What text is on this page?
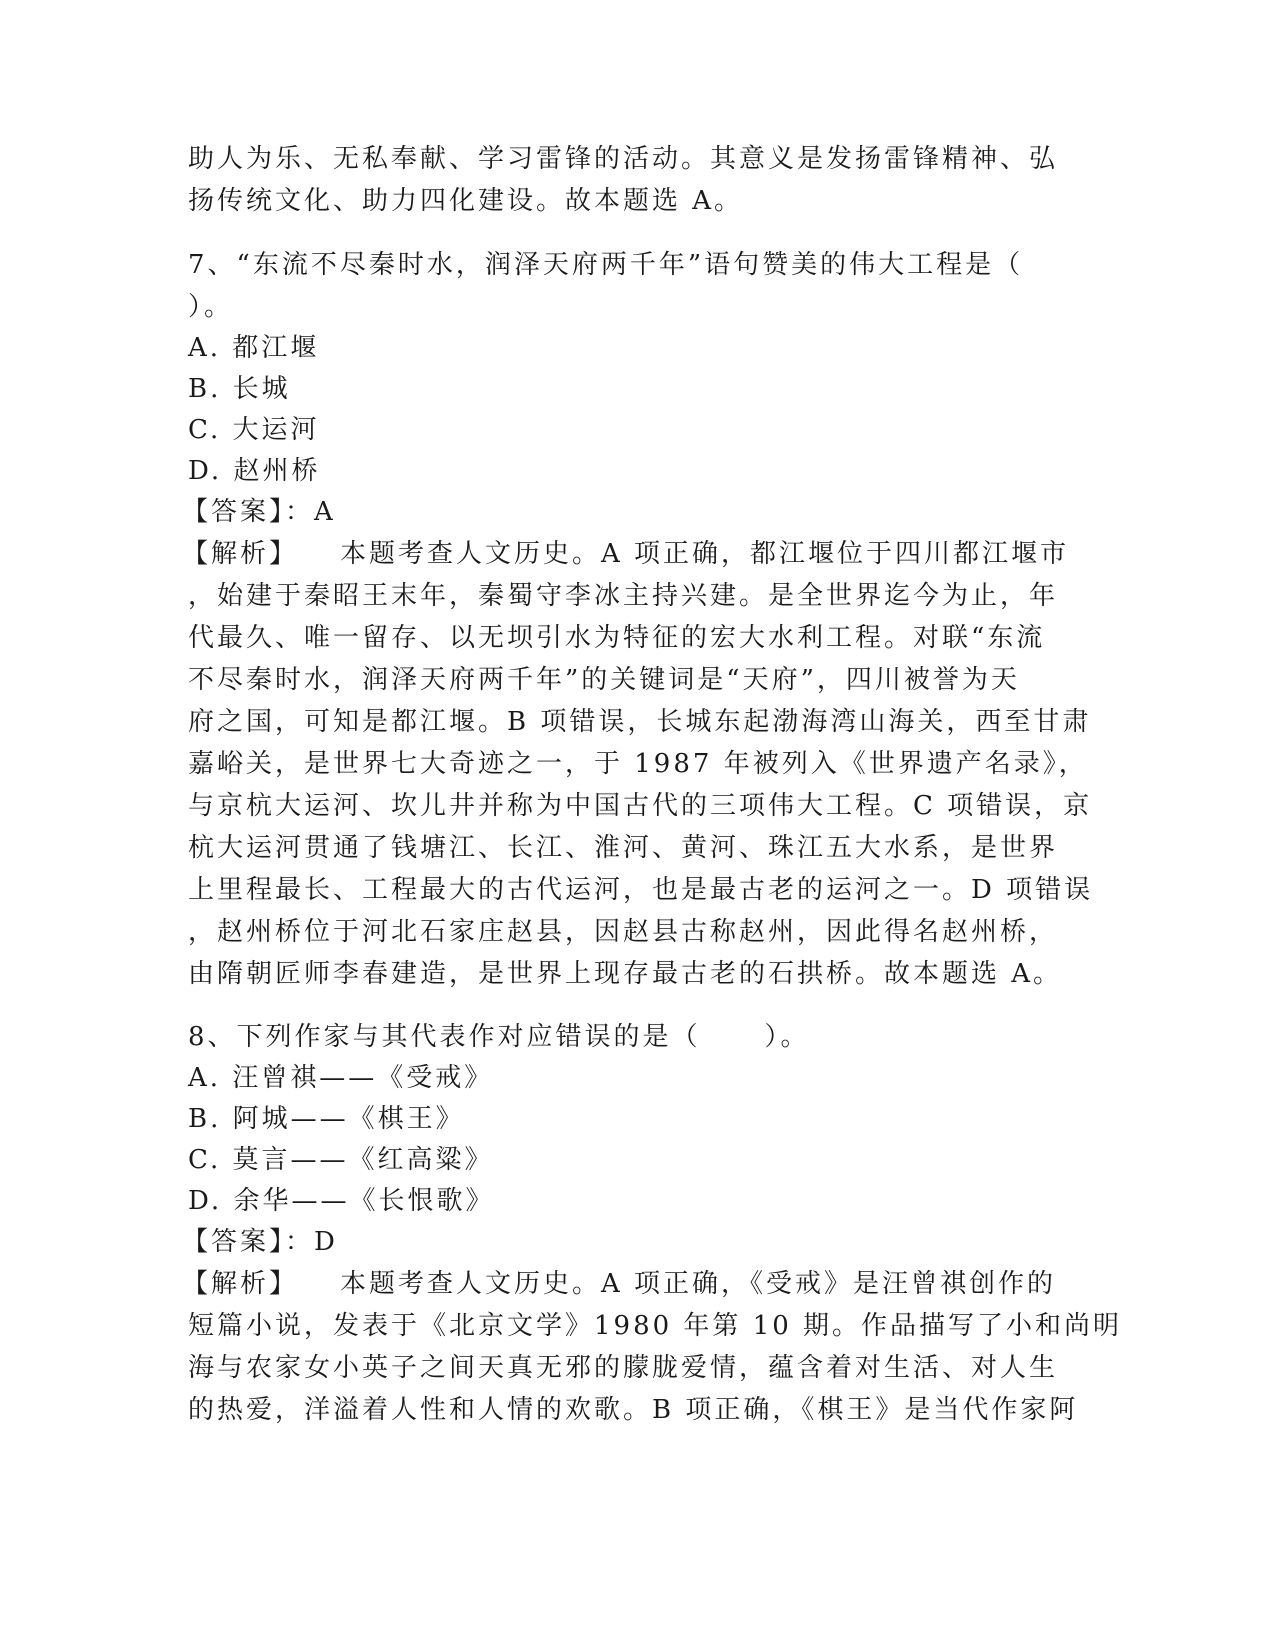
助人为乐、无私奉献、学习雷锋的活动。其意义是发扬雷锋精神、弘
扬传统文化、助力四化建设。故本题选 A。
7、“东流不尽秦时水，润泽天府两千年”语句赞美的伟大工程是（
）。
A. 都江堰
B. 长城
C. 大运河
D. 赵州桥
【答案】：A
【解析】 本题考查人文历史。A 项正确，都江堰位于四川都江堰市
，始建于秦昭王末年，秦蜀守李冰主持兴建。是全世界迄今为止，年
代最久、唯一留存、以无坝引水为特征的宏大水利工程。对联“东流
不尽秦时水，润泽天府两千年”的关键词是“天府”，四川被誉为天
府之国，可知是都江堰。B 项错误，长城东起渤海湾山海关，西至甘肃
嘉峪关，是世界七大奇迹之一，于 1987 年被列入《世界遗产名录》，
与京杭大运河、坎儿井并称为中国古代的三项伟大工程。C 项错误，京
杭大运河贯通了钱塘江、长江、淮河、黄河、珠江五大水系，是世界
上里程最长、工程最大的古代运河，也是最古老的运河之一。D 项错误
，赵州桥位于河北石家庄赵县，因赵县古称赵州，因此得名赵州桥，
由隋朝匠师李春建造，是世界上现存最古老的石拱桥。故本题选 A。
8、下列作家与其代表作对应错误的是（ ）。
A. 汪曾祺——《受戒》
B. 阿城——《棋王》
C. 莫言——《红高粱》
D. 余华——《长恨歌》
【答案】：D
【解析】 本题考查人文历史。A 项正确，《受戒》是汪曾祺创作的
短篇小说，发表于《北京文学》1980 年第 10 期。作品描写了小和尚明
海与农家女小英子之间天真无邪的朦胧爱情，蕴含着对生活、对人生
的热爱，洋溢着人性和人情的欢歌。B 项正确，《棋王》是当代作家阿
